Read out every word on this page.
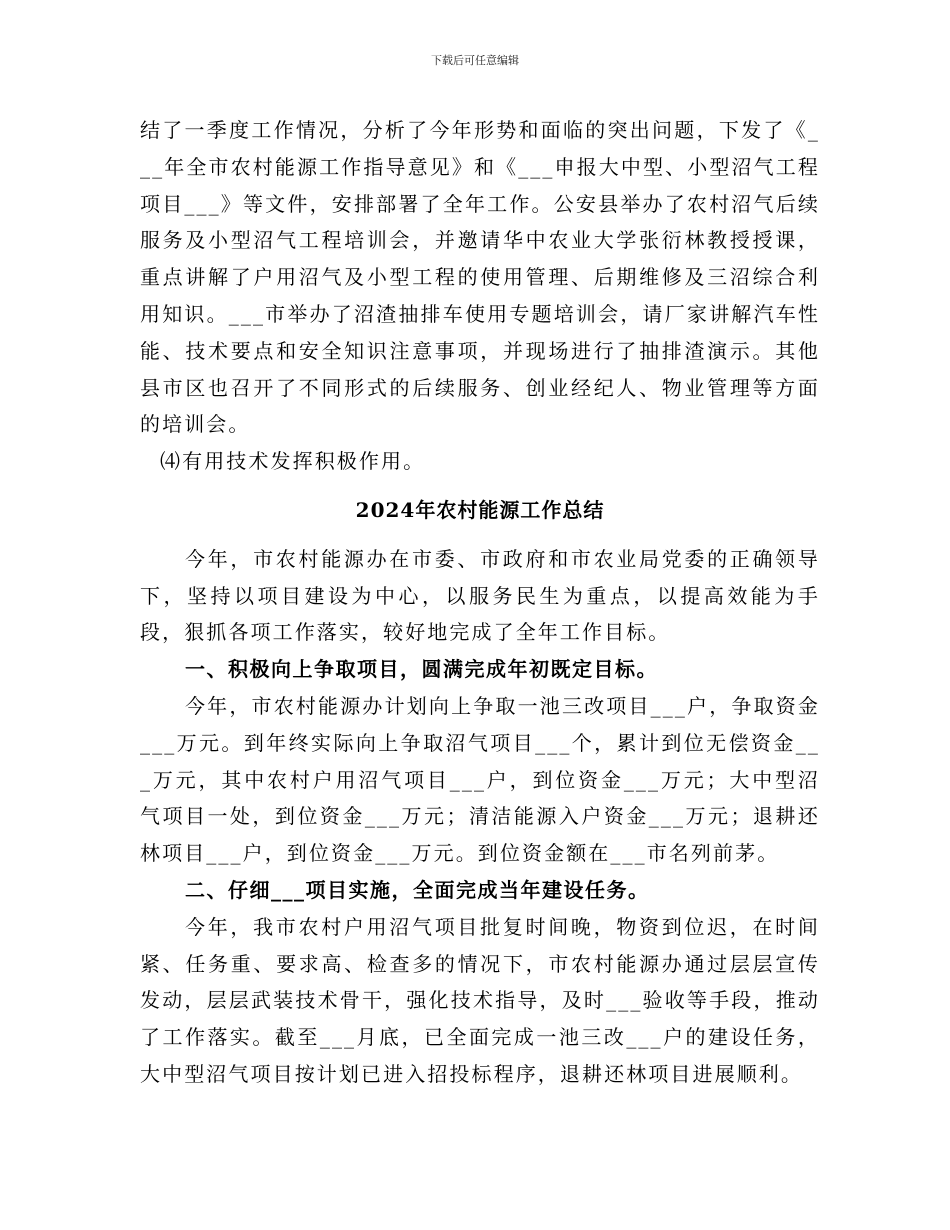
下载后可任意编辑

结了一季度工作情况，分析了今年形势和面临的突出问题，下发了《___年全市农村能源工作指导意见》和《___申报大中型、小型沼气工程项目___》等文件，安排部署了全年工作。公安县举办了农村沼气后续服务及小型沼气工程培训会，并邀请华中农业大学张衍林教授授课，重点讲解了户用沼气及小型工程的使用管理、后期维修及三沼综合利用知识。___市举办了沼渣抽排车使用专题培训会，请厂家讲解汽车性能、技术要点和安全知识注意事项，并现场进行了抽排渣演示。其他县市区也召开了不同形式的后续服务、创业经纪人、物业管理等方面的培训会。

⑷有用技术发挥积极作用。

2024年农村能源工作总结

今年，市农村能源办在市委、市政府和市农业局党委的正确领导下，坚持以项目建设为中心，以服务民生为重点，以提高效能为手段，狠抓各项工作落实，较好地完成了全年工作目标。

一、积极向上争取项目，圆满完成年初既定目标。

今年，市农村能源办计划向上争取一池三改项目___户，争取资金___万元。到年终实际向上争取沼气项目___个，累计到位无偿资金___万元，其中农村户用沼气项目___户，到位资金___万元；大中型沼气项目一处，到位资金___万元；清洁能源入户资金___万元；退耕还林项目___户，到位资金___万元。到位资金额在___市名列前茅。

二、仔细___项目实施，全面完成当年建设任务。

今年，我市农村户用沼气项目批复时间晚，物资到位迟，在时间紧、任务重、要求高、检查多的情况下，市农村能源办通过层层宣传发动，层层武装技术骨干，强化技术指导，及时___验收等手段，推动了工作落实。截至___月底，已全面完成一池三改___户的建设任务，大中型沼气项目按计划已进入招投标程序，退耕还林项目进展顺利。
